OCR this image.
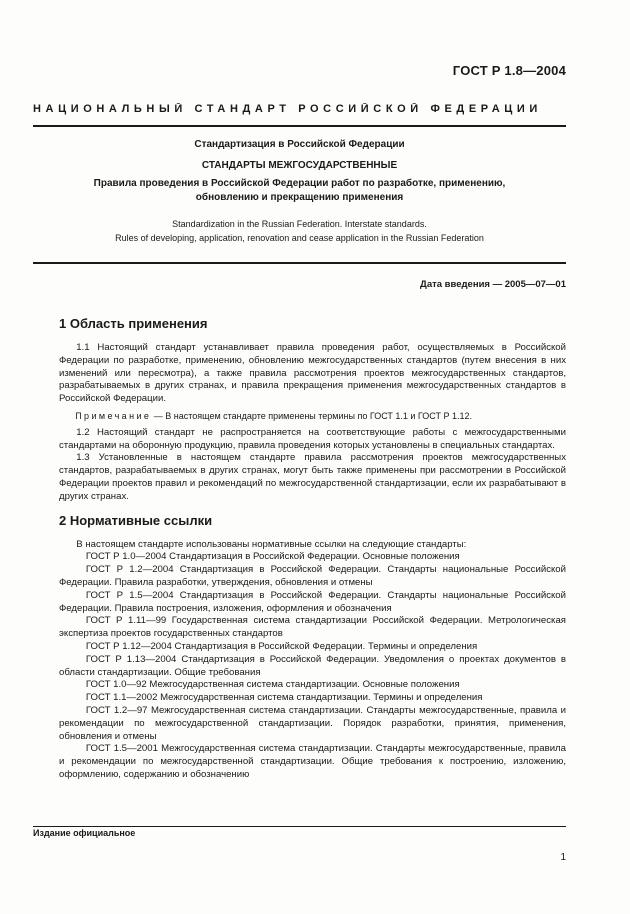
ГОСТ Р 1.8—2004
НАЦИОНАЛЬНЫЙ СТАНДАРТ РОССИЙСКОЙ ФЕДЕРАЦИИ
Стандартизация в Российской Федерации
СТАНДАРТЫ МЕЖГОСУДАРСТВЕННЫЕ
Правила проведения в Российской Федерации работ по разработке, применению,
обновлению и прекращению применения
Standardization in the Russian Federation. Interstate standards.
Rules of developing, application, renovation and cease application in the Russian Federation
Дата введения — 2005—07—01
1 Область применения

1.1 Настоящий стандарт устанавливает правила проведения работ, осуществляемых в Российской Федерации по разработке, применению, обновлению межгосударственных стандартов (путем внесения в них изменений или пересмотра), а также правила рассмотрения проектов межгосударственных стандартов, разрабатываемых в других странах, и правила прекращения применения межгосударственных стандартов в Российской Федерации.

Примечание — В настоящем стандарте применены термины по ГОСТ 1.1 и ГОСТ Р 1.12.

1.2 Настоящий стандарт не распространяется на соответствующие работы с межгосударственными стандартами на оборонную продукцию, правила проведения которых установлены в специальных стандартах.

1.3 Установленные в настоящем стандарте правила рассмотрения проектов межгосударственных стандартов, разрабатываемых в других странах, могут быть также применены при рассмотрении в Российской Федерации проектов правил и рекомендаций по межгосударственной стандартизации, если их разрабатывают в других странах.

2 Нормативные ссылки

В настоящем стандарте использованы нормативные ссылки на следующие стандарты:

ГОСТ Р 1.0—2004 Стандартизация в Российской Федерации. Основные положения

ГОСТ Р 1.2—2004 Стандартизация в Российской Федерации. Стандарты национальные Российской Федерации. Правила разработки, утверждения, обновления и отмены

ГОСТ Р 1.5—2004 Стандартизация в Российской Федерации. Стандарты национальные Российской Федерации. Правила построения, изложения, оформления и обозначения

ГОСТ Р 1.11—99 Государственная система стандартизации Российской Федерации. Метрологическая экспертиза проектов государственных стандартов

ГОСТ Р 1.12—2004 Стандартизация в Российской Федерации. Термины и определения

ГОСТ Р 1.13—2004 Стандартизация в Российской Федерации. Уведомления о проектах документов в области стандартизации. Общие требования

ГОСТ 1.0—92 Межгосударственная система стандартизации. Основные положения

ГОСТ 1.1—2002 Межгосударственная система стандартизации. Термины и определения

ГОСТ 1.2—97 Межгосударственная система стандартизации. Стандарты межгосударственные, правила и рекомендации по межгосударственной стандартизации. Порядок разработки, принятия, применения, обновления и отмены

ГОСТ 1.5—2001 Межгосударственная система стандартизации. Стандарты межгосударственные, правила и рекомендации по межгосударственной стандартизации. Общие требования к построению, изложению, оформлению, содержанию и обозначению

Издание официальное
1
